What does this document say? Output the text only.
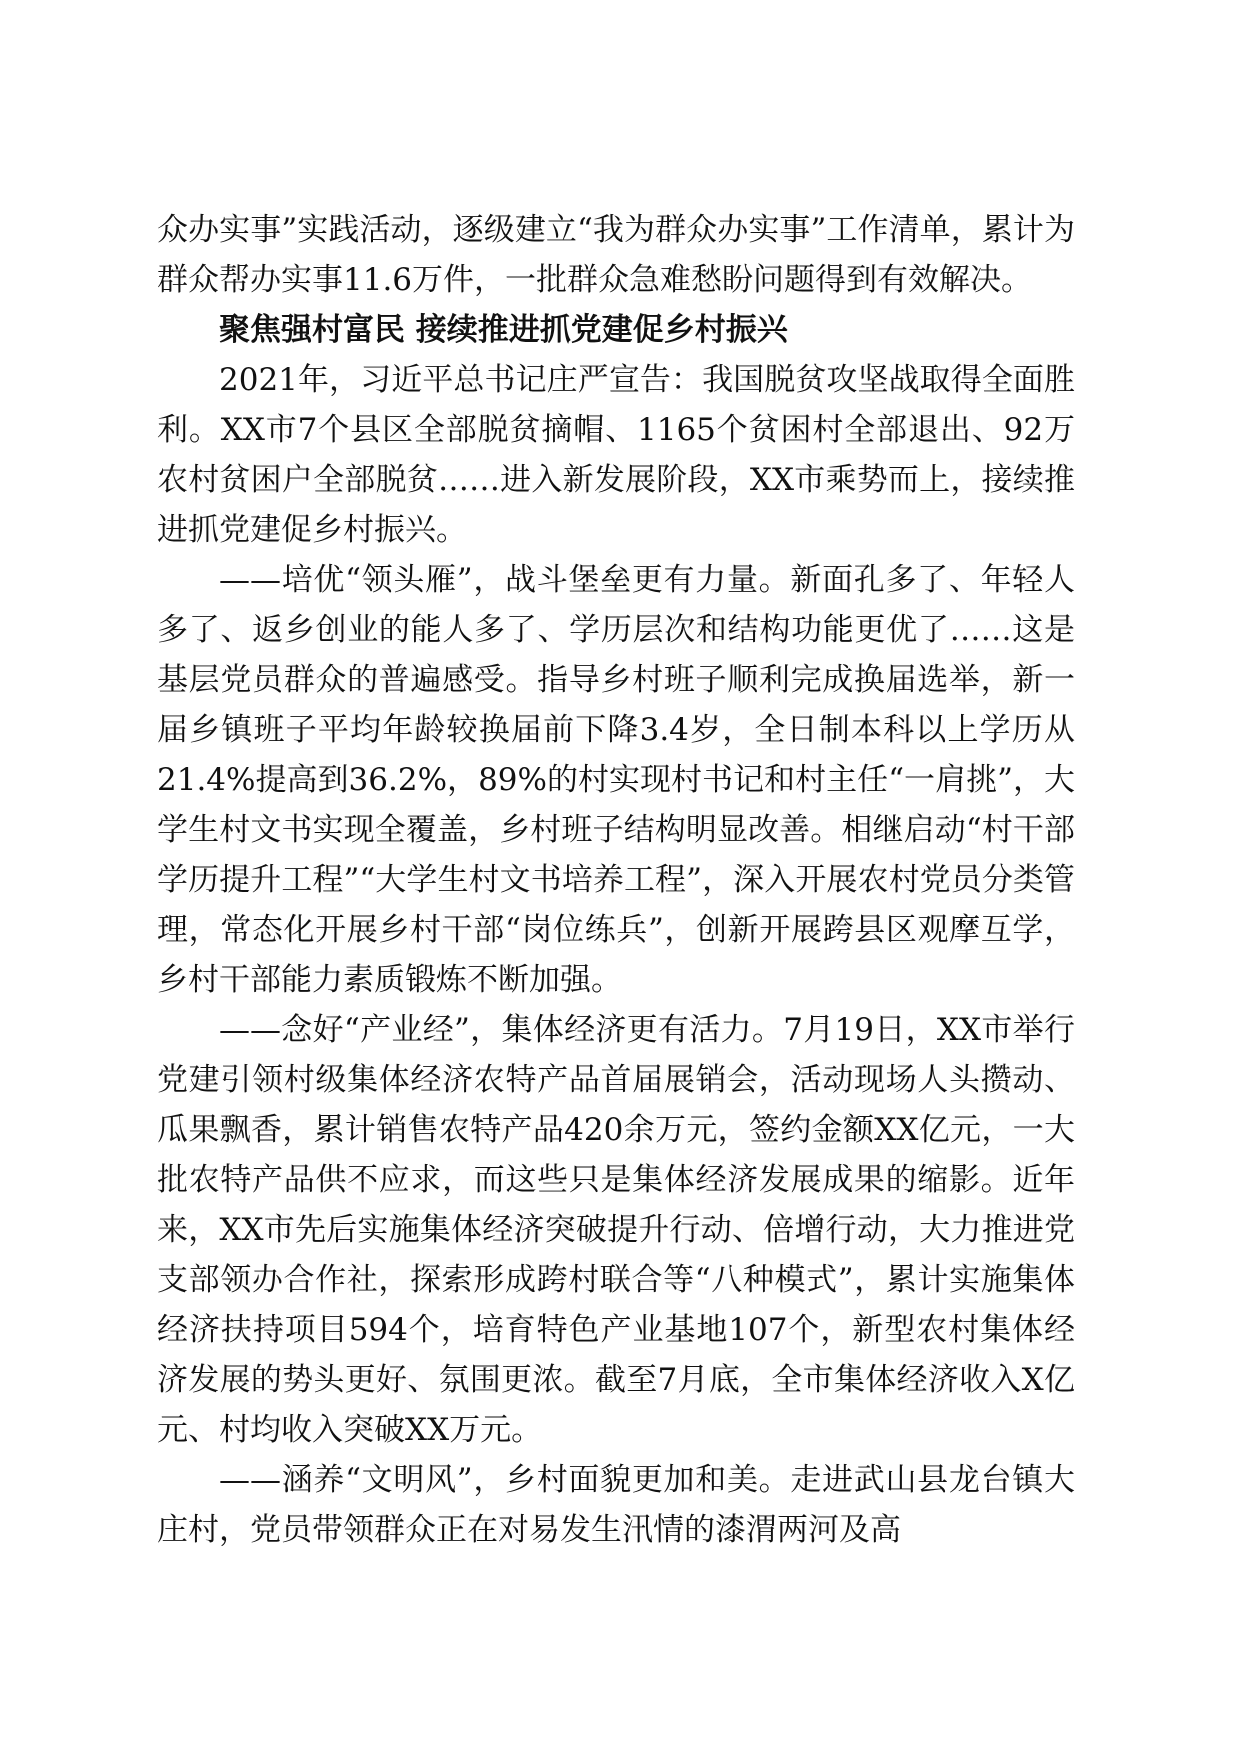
众办实事”实践活动，逐级建立“我为群众办实事”工作清单，累计为群众帮办实事11.6万件，一批群众急难愁盼问题得到有效解决。

聚焦强村富民 接续推进抓党建促乡村振兴

2021年，习近平总书记庄严宣告：我国脱贫攻坚战取得全面胜利。XX市7个县区全部脱贫摘帽、1165个贫困村全部退出、92万农村贫困户全部脱贫……进入新发展阶段，XX市乘势而上，接续推进抓党建促乡村振兴。

——培优“领头雁”，战斗堡垒更有力量。新面孔多了、年轻人多了、返乡创业的能人多了、学历层次和结构功能更优了……这是基层党员群众的普遍感受。指导乡村班子顺利完成换届选举，新一届乡镇班子平均年龄较换届前下降3.4岁，全日制本科以上学历从21.4%提高到36.2%，89%的村实现村书记和村主任“一肩挑”，大学生村文书实现全覆盖，乡村班子结构明显改善。相继启动“村干部学历提升工程”“大学生村文书培养工程”，深入开展农村党员分类管理，常态化开展乡村干部“岗位练兵”，创新开展跨县区观摩互学，乡村干部能力素质锻炼不断加强。

——念好“产业经”，集体经济更有活力。7月19日，XX市举行党建引领村级集体经济农特产品首届展销会，活动现场人头攒动、瓜果飘香，累计销售农特产品420余万元，签约金额XX亿元，一大批农特产品供不应求，而这些只是集体经济发展成果的缩影。近年来，XX市先后实施集体经济突破提升行动、倍增行动，大力推进党支部领办合作社，探索形成跨村联合等“八种模式”，累计实施集体经济扶持项目594个，培育特色产业基地107个，新型农村集体经济发展的势头更好、氛围更浓。截至7月底，全市集体经济收入X亿元、村均收入突破XX万元。

——涵养“文明风”，乡村面貌更加和美。走进武山县龙台镇大庄村，党员带领群众正在对易发生汛情的漆渭两河及高
